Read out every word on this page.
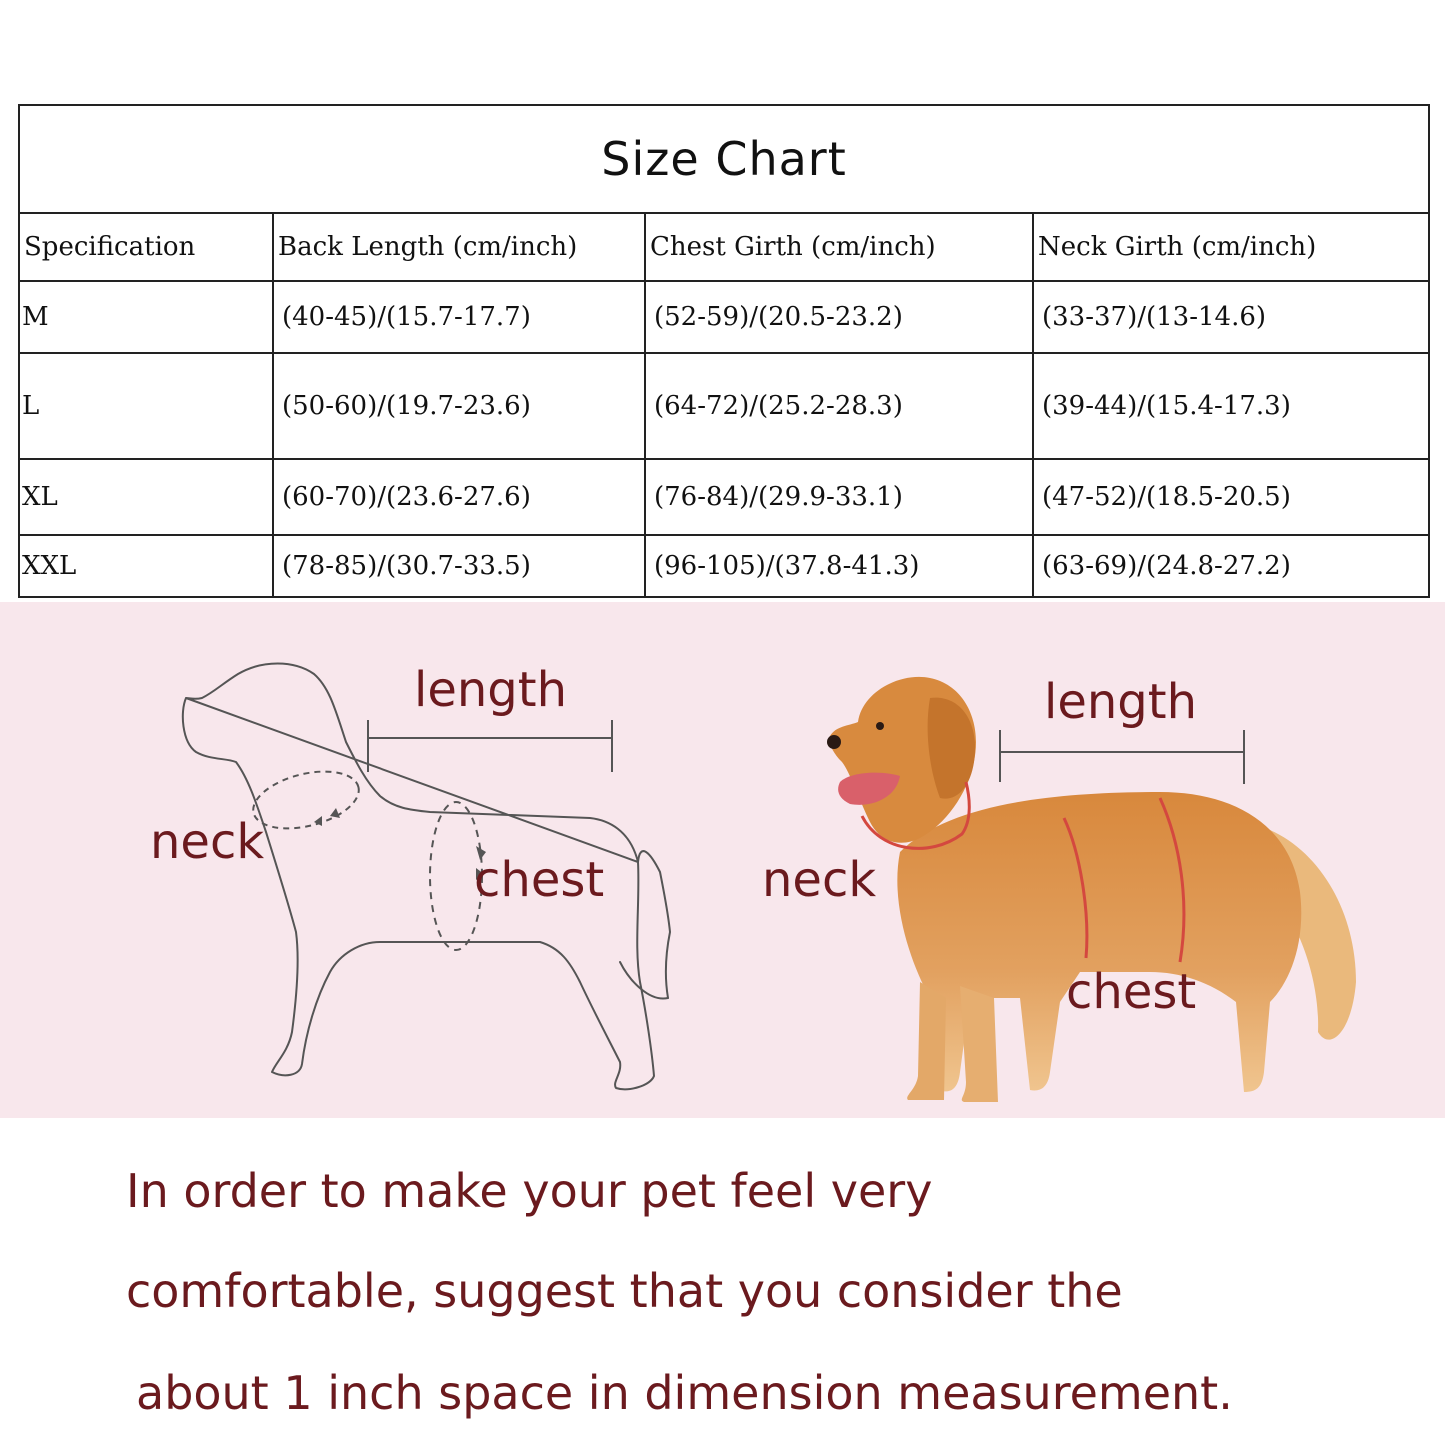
Size Chart			
Specification	Back Length (cm/inch)	Chest Girth (cm/inch)	Neck Girth (cm/inch)
M	(40-45)/(15.7-17.7)	(52-59)/(20.5-23.2)	(33-37)/(13-14.6)
L	(50-60)/(19.7-23.6)	(64-72)/(25.2-28.3)	(39-44)/(15.4-17.3)
XL	(60-70)/(23.6-27.6)	(76-84)/(29.9-33.1)	(47-52)/(18.5-20.5)
XXL	(78-85)/(30.7-33.5)	(96-105)/(37.8-41.3)	(63-69)/(24.8-27.2)
length
neck
chest
length
neck
chest
In order to make your pet feel very
comfortable, suggest that you consider the
about 1 inch space in dimension measurement.
